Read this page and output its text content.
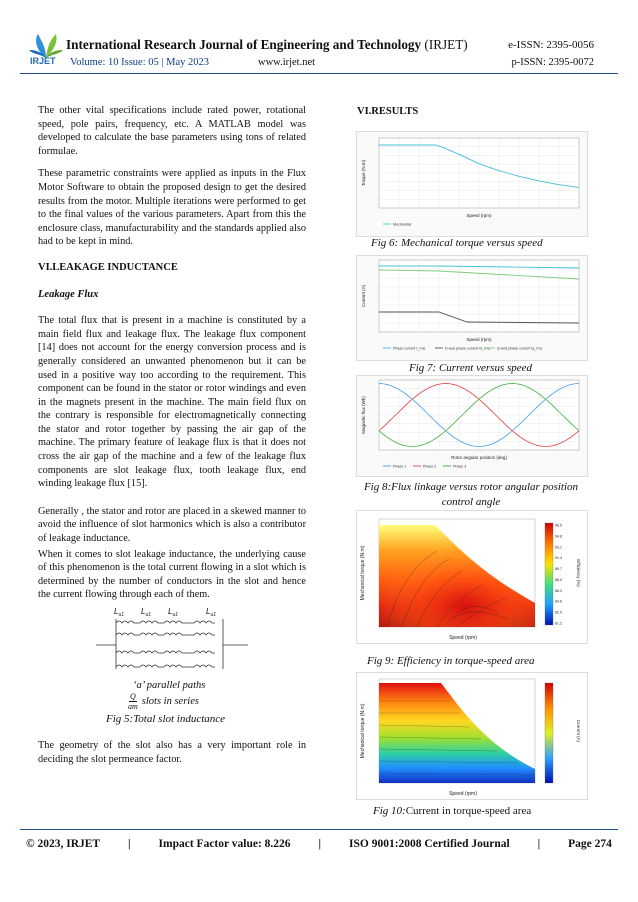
IRJET
International Research Journal of Engineering and Technology (IRJET)	e-ISSN: 2395-0056
Volume: 10 Issue: 05 | May 2023	www.irjet.net	p-ISSN: 2395-0072

The other vital specifications include rated power, rotational speed, pole pairs, frequency, etc. A MATLAB model was developed to calculate the base parameters using tons of related formulae.

These parametric constraints were applied as inputs in the Flux Motor Software to obtain the proposed design to get the desired results from the motor. Multiple iterations were performed to get to the final values of the various parameters. Apart from this the enclosure class, manufacturability and the standards applied also had to be kept in mind.

VI.LEAKAGE INDUCTANCE

Leakage Flux

The total flux that is present in a machine is constituted by a main field flux and leakage flux. The leakage flux component [14] does not account for the energy conversion process and is generally considered an unwanted phenomenon but it can be used in a positive way too according to the requirement. This component can be found in the stator or rotor windings and even in the magnets present in the machine. The main field flux on the contrary is responsible for electromagnetically connecting the stator and rotor together by passing the air gap of the machine. The primary feature of leakage flux is that it does not cross the air gap of the machine and a few of the leakage flux components are slot leakage flux, tooth leakage flux, end winding leakage flux [15].

Generally , the stator and rotor are placed in a skewed manner to avoid the influence of slot harmonics which is also a contributor of leakage inductance.

When it comes to slot leakage inductance, the underlying cause of this phenomenon is the total current flowing in a slot which is determined by the number of conductors in the slot and hence the current flowing through each of them.

$L_{u1}$ $L_{u1}$ $L_{u1}$	$L_{u1}$
‘a’ parallel paths
$\frac{Q}{am}$ slots in series
Fig 5:Total slot inductance

The geometry of the slot also has a very important role in deciding the slot permeance factor.

VI.RESULTS
Speed (rpm)
Torque (N.m)
Mechanical
Fig 6: Mechanical torque versus speed
Speed (rpm)
Current (A)
Phase current I_rms	D-axis phase current Id_rms Q-axis phase current Iq_rms
Fig 7: Current versus speed
Rotor angular position (deg)
Magnetic flux (Wb)
Phase 1	Phase 2	Phase 3
Fig 8:Flux linkage versus rotor angular position
control angle
Speed (rpm)
Mechanical torque (N.m)	Efficiency (%)
96.5
94.8
93.1
91.4
89.7
88.0
86.3
84.6
82.9
81.2
Fig 9: Efficiency in torque-speed area
Speed (rpm)
Mechanical torque (N.m)	Current (A)
Fig 10:Current in torque-speed area
© 2023, IRJET | Impact Factor value: 8.226 | ISO 9001:2008 Certified Journal | Page 274
